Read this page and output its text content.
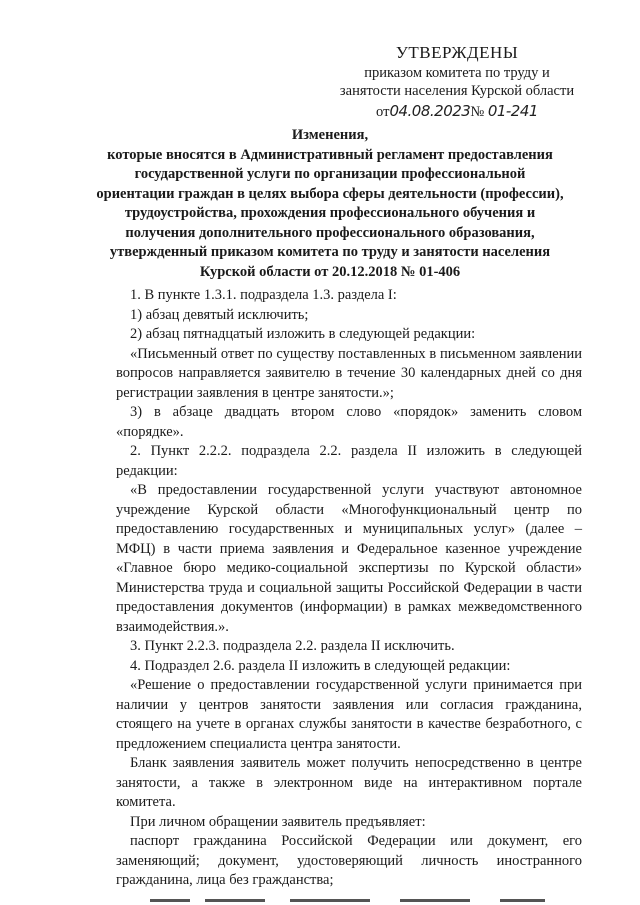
УТВЕРЖДЕНЫ
приказом комитета по труду и
занятости населения Курской области
от04.08.2023№ 01-241
Изменения,
которые вносятся в Административный регламент предоставления
государственной услуги по организации профессиональной
ориентации граждан в целях выбора сферы деятельности (профессии),
трудоустройства, прохождения профессионального обучения и
получения дополнительного профессионального образования,
утвержденный приказом комитета по труду и занятости населения
Курской области от 20.12.2018 № 01-406

1. В пункте 1.3.1. подраздела 1.3. раздела I:

1) абзац девятый исключить;

2) абзац пятнадцатый изложить в следующей редакции:

«Письменный ответ по существу поставленных в письменном заявлении вопросов направляется заявителю в течение 30 календарных дней со дня регистрации заявления в центре занятости.»;

3) в абзаце двадцать втором слово «порядок» заменить словом «порядке».

2. Пункт 2.2.2. подраздела 2.2. раздела II изложить в следующей редакции:

«В предоставлении государственной услуги участвуют автономное учреждение Курской области «Многофункциональный центр по предоставлению государственных и муниципальных услуг» (далее – МФЦ) в части приема заявления и Федеральное казенное учреждение «Главное бюро медико-социальной экспертизы по Курской области» Министерства труда и социальной защиты Российской Федерации в части предоставления документов (информации) в рамках межведомственного взаимодействия.».

3. Пункт 2.2.3. подраздела 2.2. раздела II исключить.

4. Подраздел 2.6. раздела II изложить в следующей редакции:

«Решение о предоставлении государственной услуги принимается при наличии у центров занятости заявления или согласия гражданина, стоящего на учете в органах службы занятости в качестве безработного, с предложением специалиста центра занятости.

Бланк заявления заявитель может получить непосредственно в центре занятости, а также в электронном виде на интерактивном портале комитета.

При личном обращении заявитель предъявляет:

паспорт гражданина Российской Федерации или документ, его заменяющий; документ, удостоверяющий личность иностранного гражданина, лица без гражданства;
